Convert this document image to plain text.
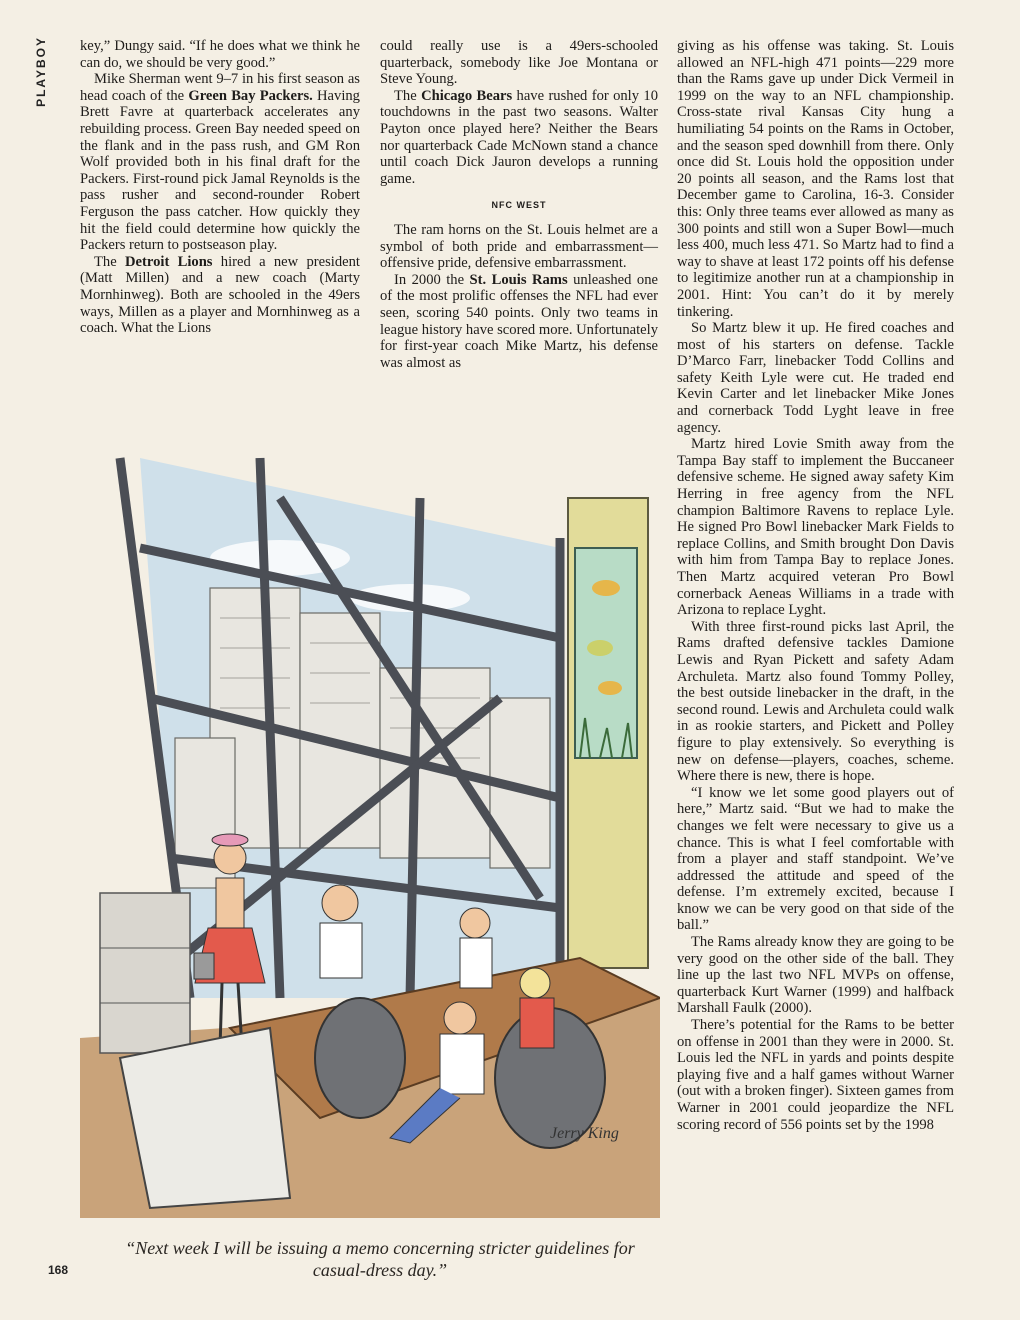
PLAYBOY	key,” Dungy said. “If he does what we think he can do, we should be very good.”

Mike Sherman went 9–7 in his first season as head coach of the Green Bay Packers. Having Brett Favre at quarterback accelerates any rebuilding process. Green Bay needed speed on the flank and in the pass rush, and GM Ron Wolf provided both in his final draft for the Packers. First-round pick Jamal Reynolds is the pass rusher and second-rounder Robert Ferguson the pass catcher. How quickly they hit the field could determine how quickly the Packers return to postseason play.

The Detroit Lions hired a new president (Matt Millen) and a new coach (Marty Mornhinweg). Both are schooled in the 49ers ways, Millen as a player and Mornhinweg as a coach. What the Lions

could really use is a 49ers-schooled quarterback, somebody like Joe Montana or Steve Young.

The Chicago Bears have rushed for only 10 touchdowns in the past two seasons. Walter Payton once played here? Neither the Bears nor quarterback Cade McNown stand a chance until coach Dick Jauron develops a running game.

NFC WEST

The ram horns on the St. Louis helmet are a symbol of both pride and embarrassment—offensive pride, defensive embarrassment.

In 2000 the St. Louis Rams unleashed one of the most prolific offenses the NFL had ever seen, scoring 540 points. Only two teams in league history have scored more. Unfortunately for first-year coach Mike Martz, his defense was almost as

giving as his offense was taking. St. Louis allowed an NFL-high 471 points—229 more than the Rams gave up under Dick Vermeil in 1999 on the way to an NFL championship. Cross-state rival Kansas City hung a humiliating 54 points on the Rams in October, and the season sped downhill from there. Only once did St. Louis hold the opposition under 20 points all season, and the Rams lost that December game to Carolina, 16-3. Consider this: Only three teams ever allowed as many as 300 points and still won a Super Bowl—much less 400, much less 471. So Martz had to find a way to shave at least 172 points off his defense to legitimize another run at a championship in 2001. Hint: You can’t do it by merely tinkering.

So Martz blew it up. He fired coaches and most of his starters on defense. Tackle D’Marco Farr, linebacker Todd Collins and safety Keith Lyle were cut. He traded end Kevin Carter and let linebacker Mike Jones and cornerback Todd Lyght leave in free agency.

Martz hired Lovie Smith away from the Tampa Bay staff to implement the Buccaneer defensive scheme. He signed away safety Kim Herring in free agency from the NFL champion Baltimore Ravens to replace Lyle. He signed Pro Bowl linebacker Mark Fields to replace Collins, and Smith brought Don Davis with him from Tampa Bay to replace Jones. Then Martz acquired veteran Pro Bowl cornerback Aeneas Williams in a trade with Arizona to replace Lyght.

With three first-round picks last April, the Rams drafted defensive tackles Damione Lewis and Ryan Pickett and safety Adam Archuleta. Martz also found Tommy Polley, the best outside linebacker in the draft, in the second round. Lewis and Archuleta could walk in as rookie starters, and Pickett and Polley figure to play extensively. So everything is new on defense—players, coaches, scheme. Where there is new, there is hope.

“I know we let some good players out of here,” Martz said. “But we had to make the changes we felt were necessary to give us a chance. This is what I feel comfortable with from a player and staff standpoint. We’ve addressed the attitude and speed of the defense. I’m extremely excited, because I know we can be very good on that side of the ball.”

The Rams already know they are going to be very good on the other side of the ball. They line up the last two NFL MVPs on offense, quarterback Kurt Warner (1999) and halfback Marshall Faulk (2000).

There’s potential for the Rams to be better on offense in 2001 than they were in 2000. St. Louis led the NFL in yards and points despite playing five and a half games without Warner (out with a broken finger). Sixteen games from Warner in 2001 could jeopardize the NFL scoring record of 556 points set by the 1998

Jerry King
“Next week I will be issuing a memo concerning stricter guidelines for casual-dress day.”
168
